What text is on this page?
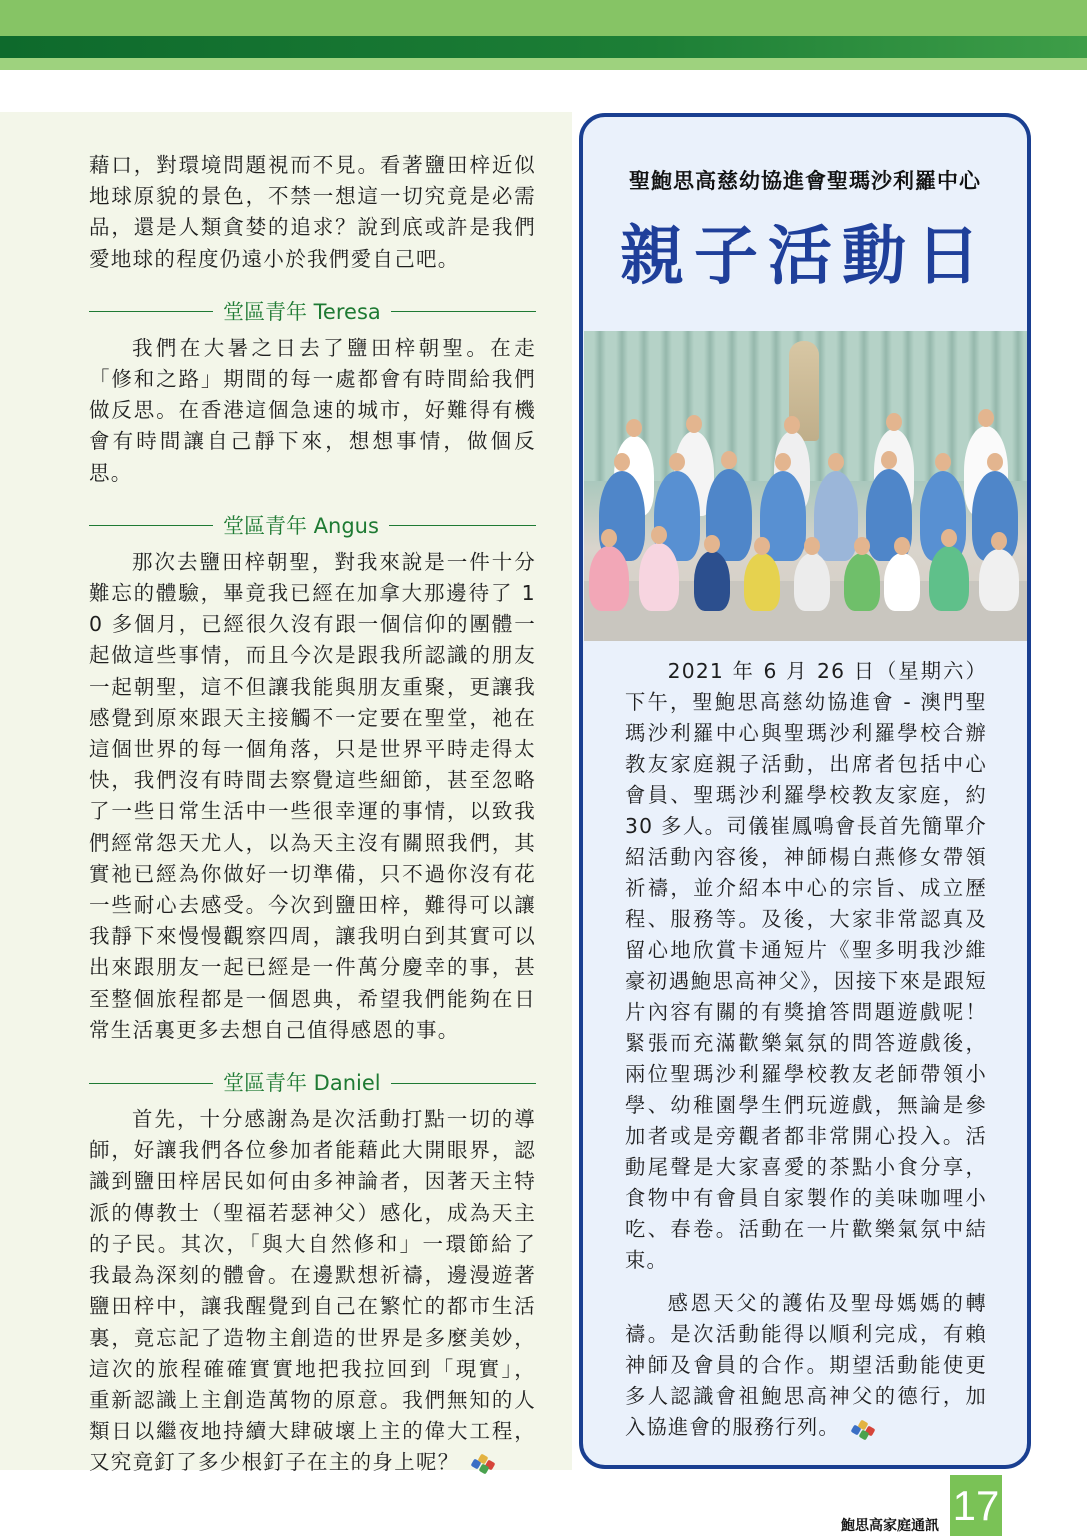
藉口，對環境問題視而不見。看著鹽田梓近似地球原貌的景色，不禁一想這一切究竟是必需品，還是人類貪婪的追求？說到底或許是我們愛地球的程度仍遠小於我們愛自己吧。

堂區青年 Teresa

我們在大暑之日去了鹽田梓朝聖。在走「修和之路」期間的每一處都會有時間給我們做反思。在香港這個急速的城市，好難得有機會有時間讓自己靜下來，想想事情，做個反思。

堂區青年 Angus

那次去鹽田梓朝聖，對我來說是一件十分難忘的體驗，畢竟我已經在加拿大那邊待了 10 多個月，已經很久沒有跟一個信仰的團體一起做這些事情，而且今次是跟我所認識的朋友一起朝聖，這不但讓我能與朋友重聚，更讓我感覺到原來跟天主接觸不一定要在聖堂，祂在這個世界的每一個角落，只是世界平時走得太快，我們沒有時間去察覺這些細節，甚至忽略了一些日常生活中一些很幸運的事情，以致我們經常怨天尤人，以為天主沒有關照我們，其實祂已經為你做好一切準備，只不過你沒有花一些耐心去感受。今次到鹽田梓，難得可以讓我靜下來慢慢觀察四周，讓我明白到其實可以出來跟朋友一起已經是一件萬分慶幸的事，甚至整個旅程都是一個恩典，希望我們能夠在日常生活裏更多去想自己值得感恩的事。

堂區青年 Daniel

首先，十分感謝為是次活動打點一切的導師，好讓我們各位參加者能藉此大開眼界，認識到鹽田梓居民如何由多神論者，因著天主特派的傳教士（聖福若瑟神父）感化，成為天主的子民。其次，「與大自然修和」一環節給了我最為深刻的體會。在邊默想祈禱，邊漫遊著鹽田梓中，讓我醒覺到自己在繁忙的都市生活裏，竟忘記了造物主創造的世界是多麼美妙，這次的旅程確確實實地把我拉回到「現實」，重新認識上主創造萬物的原意。我們無知的人類日以繼夜地持續大肆破壞上主的偉大工程，又究竟釘了多少根釘子在主的身上呢？

聖鮑思高慈幼協進會聖瑪沙利羅中心
親子活動日

2021 年 6 月 26 日（星期六）下午，聖鮑思高慈幼協進會 - 澳門聖瑪沙利羅中心與聖瑪沙利羅學校合辦教友家庭親子活動，出席者包括中心會員、聖瑪沙利羅學校教友家庭，約 30 多人。司儀崔鳳鳴會長首先簡單介紹活動內容後，神師楊白燕修女帶領祈禱，並介紹本中心的宗旨、成立歷程、服務等。及後，大家非常認真及留心地欣賞卡通短片《聖多明我沙維豪初遇鮑思高神父》，因接下來是跟短片內容有關的有獎搶答問題遊戲呢！緊張而充滿歡樂氣氛的問答遊戲後，兩位聖瑪沙利羅學校教友老師帶領小學、幼稚園學生們玩遊戲，無論是參加者或是旁觀者都非常開心投入。活動尾聲是大家喜愛的茶點小食分享，食物中有會員自家製作的美味咖哩小吃、春卷。活動在一片歡樂氣氛中結束。

感恩天父的護佑及聖母媽媽的轉禱。是次活動能得以順利完成，有賴神師及會員的合作。期望活動能使更多人認識會祖鮑思高神父的德行，加入協進會的服務行列。

鮑思高家庭通訊 17
